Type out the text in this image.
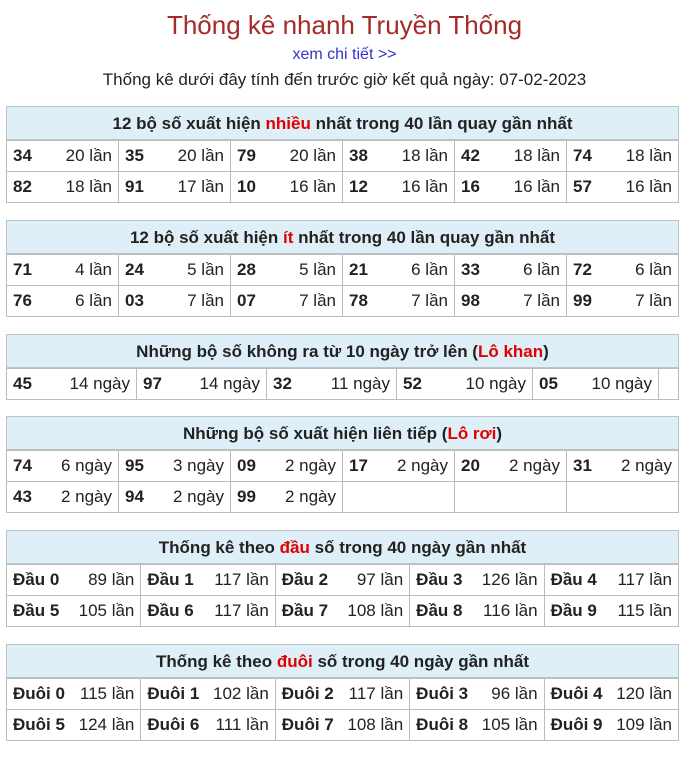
Thống kê nhanh Truyền Thống
xem chi tiết >>
Thống kê dưới đây tính đến trước giờ kết quả ngày: 07-02-2023
12 bộ số xuất hiện nhiều nhất trong 40 lần quay gần nhất
34 20 lần	35 20 lần	79 20 lần	38 18 lần	42 18 lần	74 18 lần

82 18 lần	91 17 lần	10 16 lần	12 16 lần	16 16 lần	57 16 lần
12 bộ số xuất hiện ít nhất trong 40 lần quay gần nhất
71 4 lần	24 5 lần	28 5 lần	21 6 lần	33 6 lần	72 6 lần

76 6 lần	03 7 lần	07 7 lần	78 7 lần	98 7 lần	99 7 lần
Những bộ số không ra từ 10 ngày trở lên (Lô khan)
45 14 ngày	97 14 ngày	32 11 ngày	52	10 ngày	05 10 ngày

Những bộ số xuất hiện liên tiếp (Lô rơi)
74 6 ngày	95 3 ngày	09 2 ngày	17 2 ngày	20 2 ngày	31 2 ngày

43 2 ngày	94 2 ngày	99 2 ngày			

Thống kê theo đầu số trong 40 ngày gần nhất
Đầu 0 89 lần	Đầu 1 117 lần	Đầu 2 97 lần	Đầu 3 126 lần	Đầu 4 117 lần

Đầu 5 105 lần	Đầu 6 117 lần	Đầu 7 108 lần	Đầu 8 116 lần	Đầu 9 115 lần
Thống kê theo đuôi số trong 40 ngày gần nhất
Đuôi 0 115 lần	Đuôi 1 102 lần	Đuôi 2 117 lần	Đuôi 3 96 lần	Đuôi 4 120 lần

Đuôi 5 124 lần	Đuôi 6 111 lần	Đuôi 7 108 lần	Đuôi 8 105 lần	Đuôi 9 109 lần
